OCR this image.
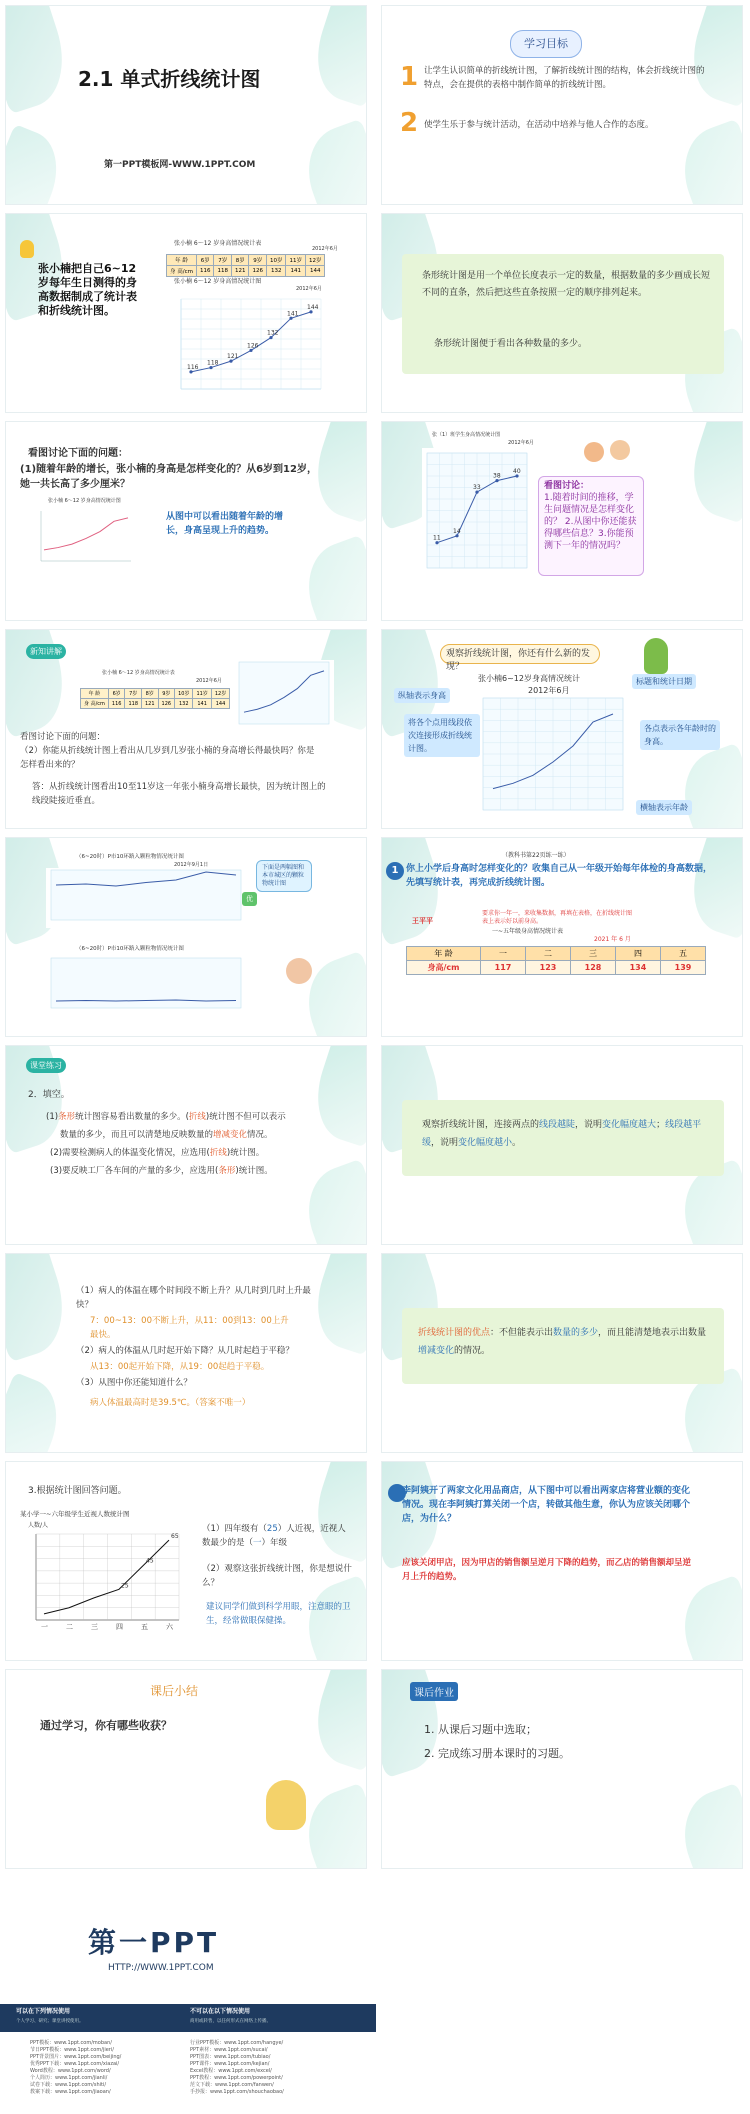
2.1 单式折线统计图
第一PPT模板网-WWW.1PPT.COM
学习目标
1 让学生认识简单的折线统计图，了解折线统计图的结构，体会折线统计图的特点，会在提供的表格中制作简单的折线统计图。
2 使学生乐于参与统计活动，在活动中培养与他人合作的态度。
张小楠把自己6~12岁每年生日测得的身高数据制成了统计表和折线统计图。
张小楠 6～12 岁身高情况统计表
2012年6月
年 龄	6岁	7岁	8岁	9岁	10岁	11岁	12岁
身 高/cm	116	118	121	126	132	141	144
张小楠 6～12 岁身高情况统计图
2012年6月
116
118
121
126
132
141
144
条形统计图是用一个单位长度表示一定的数量，根据数量的多少画成长短不同的直条，然后把这些直条按照一定的顺序排列起来。
条形统计图便于看出各种数量的多少。
看图讨论下面的问题：
(1)随着年龄的增长，张小楠的身高是怎样变化的？从6岁到12岁，她一共长高了多少厘米？
张小楠 6～12 岁身高情况统计图
从图中可以看出随着年龄的增长，身高呈现上升的趋势。
张（1）班学生身高情况统计图
2012年6月
11
14
33
38
40
看图讨论：
1.随着时间的推移，学生问题情况是怎样变化的？ 2.从图中你还能获得哪些信息？3.你能预测下一年的情况吗？
新知讲解
张小楠 6～12 岁身高情况统计表
2012年6月
年 龄	6岁	7岁	8岁	9岁	10岁	11岁	12岁
身 高/cm	116	118	121	126	132	141	144
看图讨论下面的问题：
（2）你能从折线统计图上看出从几岁到几岁张小楠的身高增长得最快吗？你是怎样看出来的？
答：从折线统计图看出10至11岁这一年张小楠身高增长最快，因为统计图上的线段陡接近垂直。
观察折线统计图，你还有什么新的发现？
张小楠6~12岁身高情况统计
2012年6月
纵轴表示身高
标题和统计日期
将各个点用线段依次连接形成折线统计图。
各点表示各年龄时的身高。
横轴表示年龄
（6~20时）P市10环路入颗粒物情况统计图
2012年9月1日
优
下面是两幅图和本市城区的颗粒物统计图
（6~20时）P市10环路入颗粒物情况统计图
（教科书第22页练一练）
1 你上小学后身高时怎样变化的？收集自己从一年级开始每年体检的身高数据，先填写统计表，再完成折线统计图。
王平平
要求你一年一，来收集数据，再填在表格，在折线统计图表上表示好以前身高。
一~五年级身高情况统计表
2021 年 6 月
年 龄	一	二	三	四	五
身高/cm	117	123	128	134	139
课堂练习
2．填空。
(1)条形统计图容易看出数量的多少。(折线)统计图不但可以表示
数量的多少，而且可以清楚地反映数量的增减变化情况。
(2)需要检测病人的体温变化情况，应选用(折线)统计图。
(3)要反映工厂各车间的产量的多少，应选用(条形)统计图。
观察折线统计图，连接两点的线段越陡，说明变化幅度越大；线段越平缓，说明变化幅度越小。
（1）病人的体温在哪个时间段不断上升？从几时到几时上升最快？
7：00~13：00不断上升，从11：00到13：00上升最快。
（2）病人的体温从几时起开始下降？从几时起趋于平稳？
从13：00起开始下降，从19：00起趋于平稳。
（3）从图中你还能知道什么？
病人体温最高时是39.5℃。（答案不唯一）
折线统计图的优点：不但能表示出数量的多少，而且能清楚地表示出数量增减变化的情况。
3.根据统计图回答问题。
某小学一~六年级学生近视人数统计图
人数/人
一	二	三	四	五	六
25
45
65
（1）四年级有（25）人近视，近视人数最少的是（一）年级
（2）观察这张折线统计图，你是想说什么？
建议同学们做到科学用眼，注意眼的卫生，经常做眼保健操。
李阿姨开了两家文化用品商店，从下图中可以看出两家店将营业额的变化情况。现在李阿姨打算关闭一个店，转做其他生意，你认为应该关闭哪个店，为什么？
应该关闭甲店，因为甲店的销售额呈逆月下降的趋势，而乙店的销售额却呈逆月上升的趋势。
课后小结
通过学习，你有哪些收获？
课后作业
1. 从课后习题中选取；
2. 完成练习册本课时的习题。
第一PPT
HTTP://WWW.1PPT.COM
可以在下列情况使用
个人学习、研究；课堂讲授使用。
不可以在以下情况使用
商用或转售，以任何形式在网络上传播。
PPT模板：www.1ppt.com/moban/
节日PPT模板：www.1ppt.com/jieri/
PPT背景图片：www.1ppt.com/beijing/
优秀PPT下载：www.1ppt.com/xiazai/
Word教程：www.1ppt.com/word/
个人简历：www.1ppt.com/jianli/
试卷下载：www.1ppt.com/shiti/
教案下载：www.1ppt.com/jiaoan/
行业PPT模板：www.1ppt.com/hangye/
PPT素材：www.1ppt.com/sucai/
PPT图表：www.1ppt.com/tubiao/
PPT课件：www.1ppt.com/kejian/
Excel教程：www.1ppt.com/excel/
PPT教程：www.1ppt.com/powerpoint/
范文下载：www.1ppt.com/fanwen/
手抄报：www.1ppt.com/shouchaobao/
